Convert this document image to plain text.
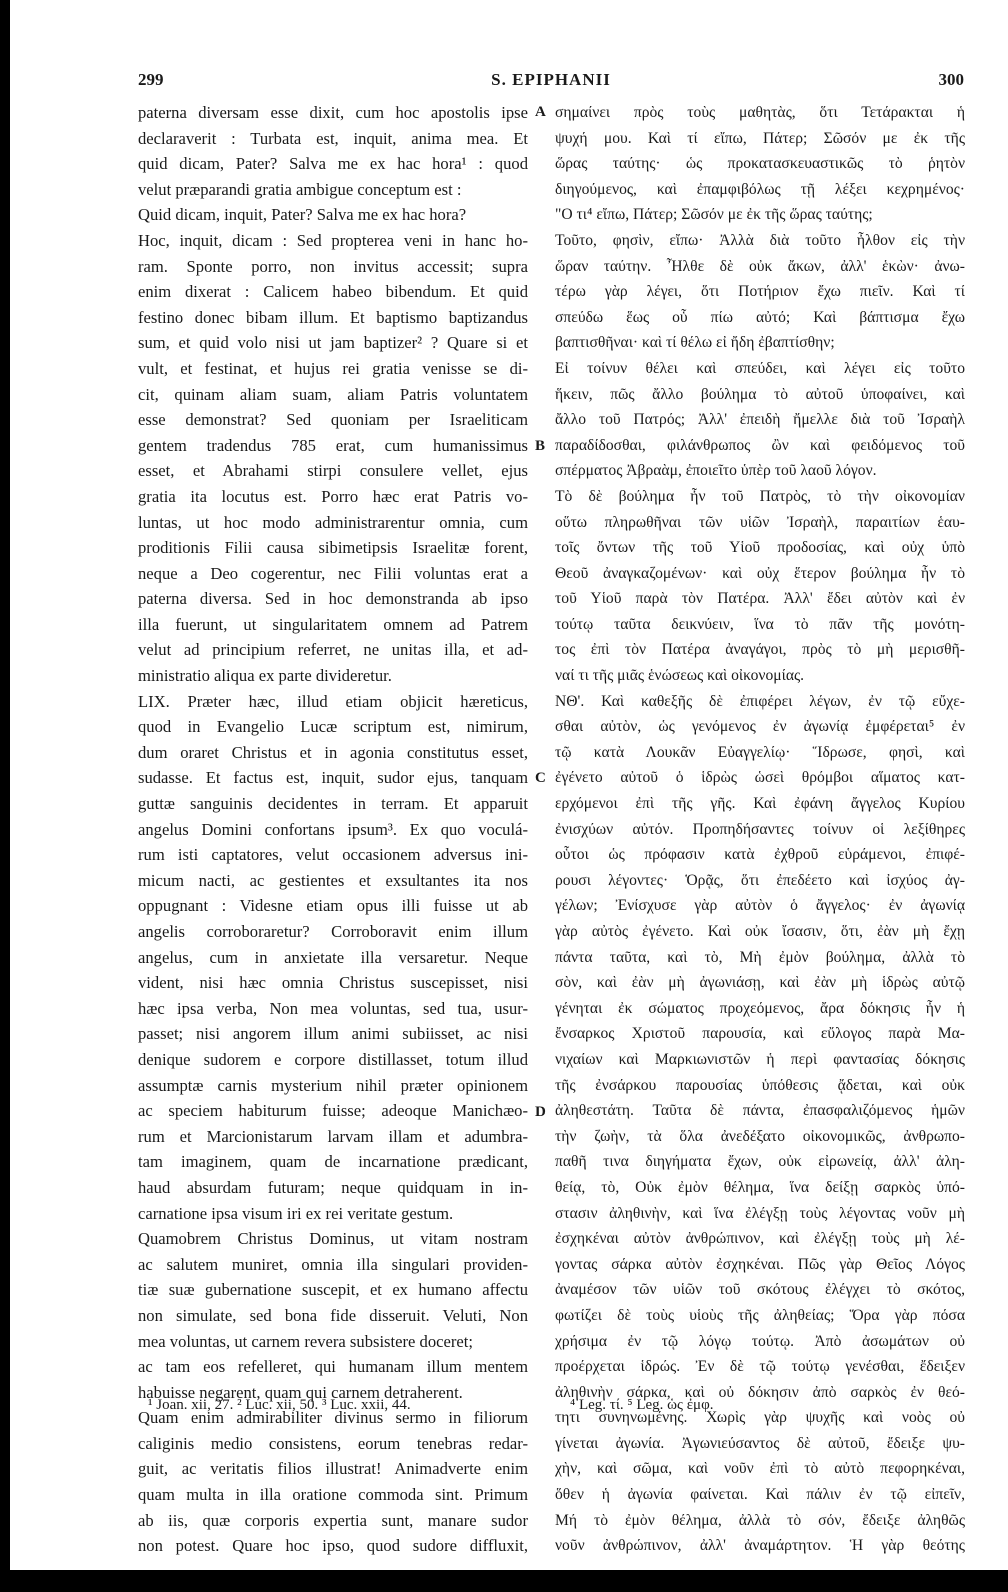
299	S. EPIPHANII	300
paterna diversam esse dixit, cum hoc apostolis ipse
declaraverit : Turbata est, inquit, anima mea. Et
quid dicam, Pater? Salva me ex hac hora¹ : quod
velut præparandi gratia ambigue conceptum est :
Quid dicam, inquit, Pater? Salva me ex hac hora?
Hoc, inquit, dicam : Sed propterea veni in hanc ho-
ram. Sponte porro, non invitus accessit; supra
enim dixerat : Calicem habeo bibendum. Et quid
festino donec bibam illum. Et baptismo baptizandus
sum, et quid volo nisi ut jam baptizer² ? Quare si et
vult, et festinat, et hujus rei gratia venisse se di-
cit, quinam aliam suam, aliam Patris voluntatem
esse demonstrat? Sed quoniam per Israeliticam
gentem tradendus 785 erat, cum humanissimus
esset, et Abrahami stirpi consulere vellet, ejus
gratia ita locutus est. Porro hæc erat Patris vo-
luntas, ut hoc modo administrarentur omnia, cum
proditionis Filii causa sibimetipsis Israelitæ forent,
neque a Deo cogerentur, nec Filii voluntas erat a
paterna diversa. Sed in hoc demonstranda ab ipso
illa fuerunt, ut singularitatem omnem ad Patrem
velut ad principium referret, ne unitas illa, et ad-
ministratio aliqua ex parte divideretur.
LIX. Præter hæc, illud etiam objicit hæreticus,
quod in Evangelio Lucæ scriptum est, nimirum,
dum oraret Christus et in agonia constitutus esset,
sudasse. Et factus est, inquit, sudor ejus, tanquam
guttæ sanguinis decidentes in terram. Et apparuit
angelus Domini confortans ipsum³. Ex quo voculá-
rum isti captatores, velut occasionem adversus ini-
micum nacti, ac gestientes et exsultantes ita nos
oppugnant : Videsne etiam opus illi fuisse ut ab
angelis corroboraretur? Corroboravit enim illum
angelus, cum in anxietate illa versaretur. Neque
vident, nisi hæc omnia Christus suscepisset, nisi
hæc ipsa verba, Non mea voluntas, sed tua, usur-
passet; nisi angorem illum animi subiisset, ac nisi
denique sudorem e corpore distillasset, totum illud
assumptæ carnis mysterium nihil præter opinionem
ac speciem habiturum fuisse; adeoque Manichæo-
rum et Marcionistarum larvam illam et adumbra-
tam imaginem, quam de incarnatione prædicant,
haud absurdam futuram; neque quidquam in in-
carnatione ipsa visum iri ex rei veritate gestum.
Quamobrem Christus Dominus, ut vitam nostram
ac salutem muniret, omnia illa singulari providen-
tiæ suæ gubernatione suscepit, et ex humano affectu
non simulate, sed bona fide disseruit. Veluti, Non
mea voluntas, ut carnem revera subsistere doceret;
ac tam eos refelleret, qui humanam illum mentem
habuisse negarent, quam qui carnem detraherent.
Quam enim admirabiliter divinus sermo in filiorum
caliginis medio consistens, eorum tenebras redar-
guit, ac veritatis filios illustrat! Animadverte enim
quam multa in illa oratione commoda sint. Primum
ab iis, quæ corporis expertia sunt, manare sudor
non potest. Quare hoc ipso, quod sudore diffluxit,
σημαίνει πρὸς τοὺς μαθητὰς, ὅτι Τετάρακται ἡ
ψυχή μου. Καὶ τί εἴπω, Πάτερ; Σῶσόν με ἐκ τῆς
ὥρας ταύτης· ὡς προκατασκευαστικῶς τὸ ῥητὸν
διηγούμενος, καὶ ἐπαμφιβόλως τῇ λέξει κεχρημένος·
"Ο τι⁴ εἴπω, Πάτερ; Σῶσόν με ἐκ τῆς ὥρας ταύτης;
Τοῦτο, φησὶν, εἴπω· Ἀλλὰ διὰ τοῦτο ἦλθον εἰς τὴν
ὥραν ταύτην. Ἦλθε δὲ οὐκ ἄκων, ἀλλ' ἑκὼν· ἀνω-
τέρω γὰρ λέγει, ὅτι Ποτήριον ἔχω πιεῖν. Καὶ τί
σπεύδω ἕως οὗ πίω αὐτό; Καὶ βάπτισμα ἔχω
βαπτισθῆναι· καὶ τί θέλω εἰ ἤδη ἐβαπτίσθην;
Εἰ τοίνυν θέλει καὶ σπεύδει, καὶ λέγει εἰς τοῦτο
ἥκειν, πῶς ἄλλο βούλημα τὸ αὐτοῦ ὑποφαίνει, καὶ
ἄλλο τοῦ Πατρός; Ἀλλ' ἐπειδὴ ἤμελλε διὰ τοῦ Ἰσραὴλ
παραδίδοσθαι, φιλάνθρωπος ὢν καὶ φειδόμενος τοῦ
σπέρματος Ἀβραὰμ, ἐποιεῖτο ὑπὲρ τοῦ λαοῦ λόγον.
Τὸ δὲ βούλημα ἦν τοῦ Πατρὸς, τὸ τὴν οἰκονομίαν
οὕτω πληρωθῆναι τῶν υἱῶν Ἰσραὴλ, παραιτίων ἑαυ-
τοῖς ὄντων τῆς τοῦ Υἱοῦ προδοσίας, καὶ οὐχ ὑπὸ
Θεοῦ ἀναγκαζομένων· καὶ οὐχ ἕτερον βούλημα ἦν τὸ
τοῦ Υἱοῦ παρὰ τὸν Πατέρα. Ἀλλ' ἔδει αὐτὸν καὶ ἐν
τούτῳ ταῦτα δεικνύειν, ἵνα τὸ πᾶν τῆς μονότη-
τος ἐπὶ τὸν Πατέρα ἀναγάγοι, πρὸς τὸ μὴ μερισθῆ-
ναί τι τῆς μιᾶς ἑνώσεως καὶ οἰκονομίας.
ΝΘ'. Καὶ καθεξῆς δὲ ἐπιφέρει λέγων, ἐν τῷ εὔχε-
σθαι αὐτὸν, ὡς γενόμενος ἐν ἀγωνίᾳ ἐμφέρεται⁵ ἐν
τῷ κατὰ Λουκᾶν Εὐαγγελίῳ· Ἵδρωσε, φησὶ, καὶ
ἐγένετο αὐτοῦ ὁ ἱδρὼς ὡσεὶ θρόμβοι αἵματος κατ-
ερχόμενοι ἐπὶ τῆς γῆς. Καὶ ἐφάνη ἄγγελος Κυρίου
ἐνισχύων αὐτόν. Προπηδήσαντες τοίνυν οἱ λεξίθηρες
οὗτοι ὡς πρόφασιν κατὰ ἐχθροῦ εὑράμενοι, ἐπιφέ-
ρουσι λέγοντες· Ὁρᾷς, ὅτι ἐπεδέετο καὶ ἰσχύος ἀγ-
γέλων; Ἐνίσχυσε γὰρ αὐτὸν ὁ ἄγγελος· ἐν ἀγωνίᾳ
γὰρ αὐτὸς ἐγένετο. Καὶ οὐκ ἴσασιν, ὅτι, ἐὰν μὴ ἔχῃ
πάντα ταῦτα, καὶ τὸ, Μὴ ἐμὸν βούλημα, ἀλλὰ τὸ
σὸν, καὶ ἐὰν μὴ ἀγωνιάσῃ, καὶ ἐὰν μὴ ἱδρὼς αὐτῷ
γένηται ἐκ σώματος προχεόμενος, ἄρα δόκησις ἦν ἡ
ἔνσαρκος Χριστοῦ παρουσία, καὶ εὔλογος παρὰ Μα-
νιχαίων καὶ Μαρκιωνιστῶν ἡ περὶ φαντασίας δόκησις
τῆς ἐνσάρκου παρουσίας ὑπόθεσις ᾄδεται, καὶ οὐκ
ἀληθεστάτη. Ταῦτα δὲ πάντα, ἐπασφαλιζόμενος ἡμῶν
τὴν ζωὴν, τὰ ὅλα ἀνεδέξατο οἰκονομικῶς, ἀνθρωπο-
παθῆ τινα διηγήματα ἔχων, οὐκ εἰρωνείᾳ, ἀλλ' ἀλη-
θείᾳ, τὸ, Οὐκ ἐμὸν θέλημα, ἵνα δείξῃ σαρκὸς ὑπό-
στασιν ἀληθινὴν, καὶ ἵνα ἐλέγξῃ τοὺς λέγοντας νοῦν μὴ
ἐσχηκέναι αὐτὸν ἀνθρώπινον, καὶ ἐλέγξῃ τοὺς μὴ λέ-
γοντας σάρκα αὐτὸν ἐσχηκέναι. Πῶς γὰρ Θεῖος Λόγος
ἀναμέσον τῶν υἱῶν τοῦ σκότους ἐλέγχει τὸ σκότος,
φωτίζει δὲ τοὺς υἱοὺς τῆς ἀληθείας; Ὅρα γὰρ πόσα
χρήσιμα ἐν τῷ λόγῳ τούτῳ. Ἀπὸ ἀσωμάτων οὐ
προέρχεται ἱδρώς. Ἐν δὲ τῷ τούτῳ γενέσθαι, ἔδειξεν
ἀληθινὴν σάρκα, καὶ οὐ δόκησιν ἀπὸ σαρκὸς ἐν θεό-
τητι συνηνωμένης. Χωρὶς γὰρ ψυχῆς καὶ νοὸς οὐ
γίνεται ἀγωνία. Ἀγωνιεύσαντος δὲ αὐτοῦ, ἔδειξε ψυ-
χὴν, καὶ σῶμα, καὶ νοῦν ἐπὶ τὸ αὐτὸ πεφορηκέναι,
ὅθεν ἡ ἀγωνία φαίνεται. Καὶ πάλιν ἐν τῷ εἰπεῖν,
Μή τὸ ἐμὸν θέλημα, ἀλλὰ τὸ σόν, ἔδειξε ἀληθῶς
νοῦν ἀνθρώπινον, ἀλλ' ἀναμάρτητον. Ἡ γὰρ θεότης
A
B
C
D
¹ Joan. xii, 27. ² Luc. xii, 50. ³ Luc. xxii, 44.	⁴ Leg. τί. ⁵ Leg. ὡς ἐμφ.
